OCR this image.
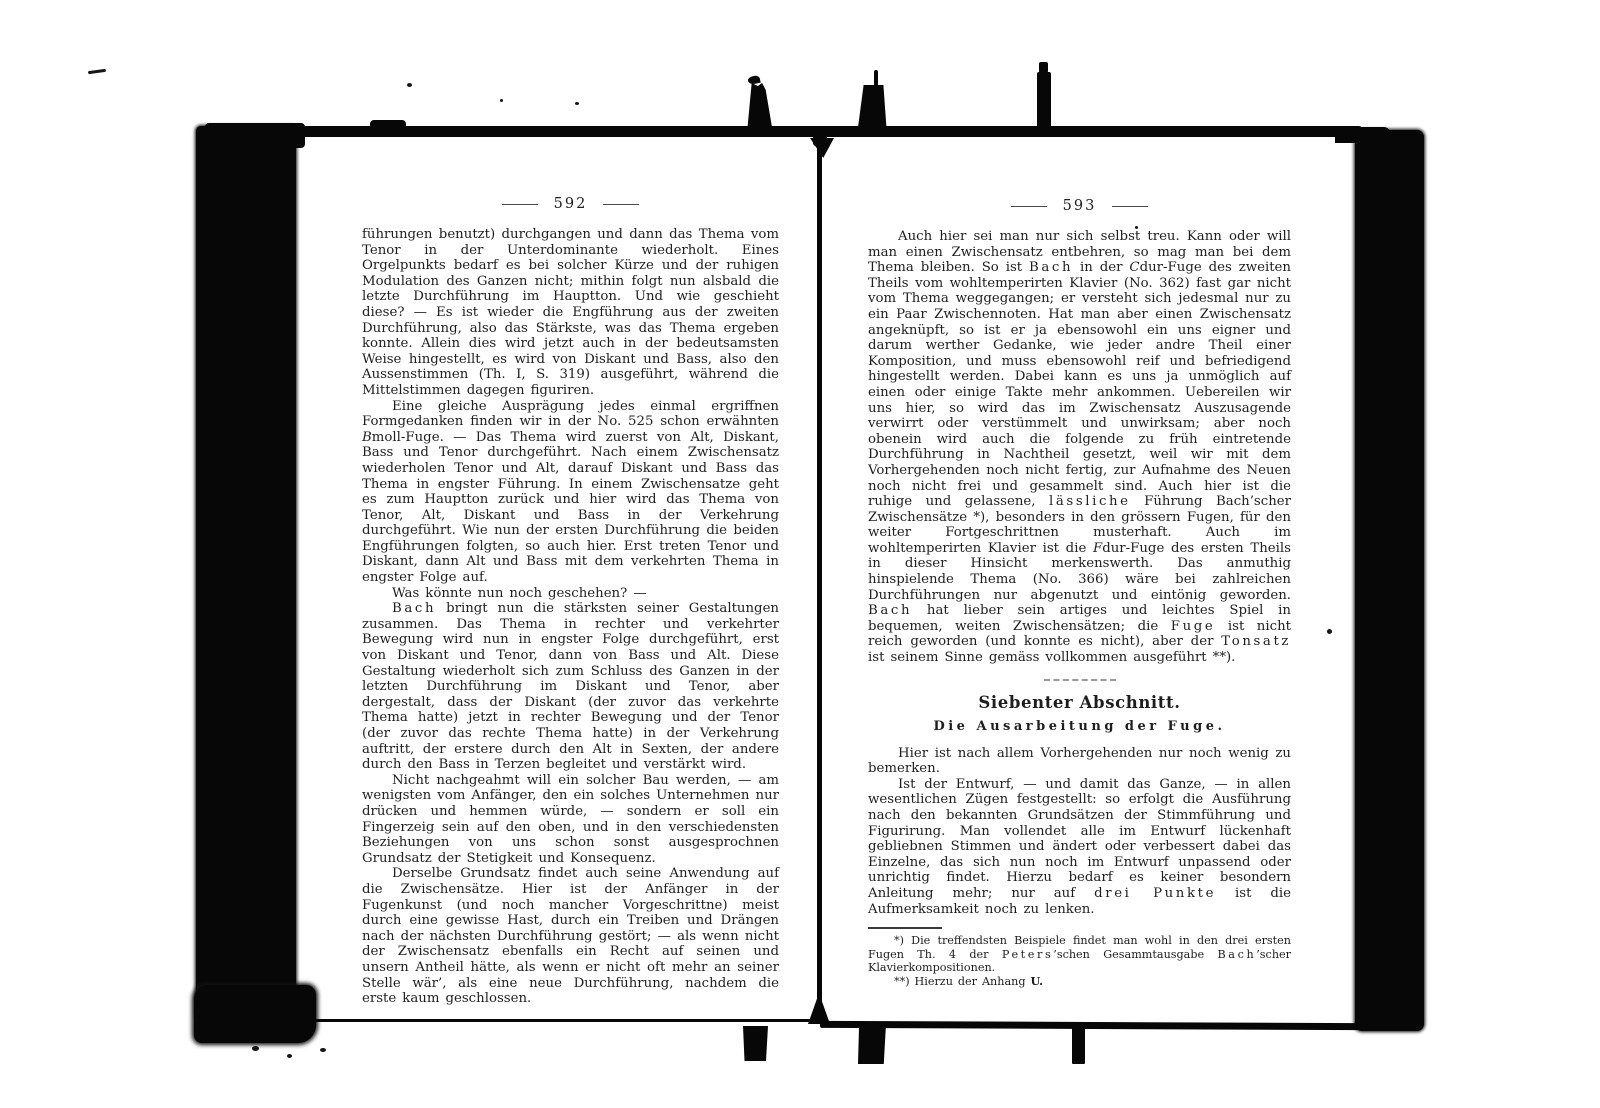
592

führungen benutzt) durchgangen und dann das Thema vom Tenor in der Unterdominante wiederholt. Eines Orgelpunkts bedarf es bei solcher Kürze und der ruhigen Modulation des Ganzen nicht; mithin folgt nun alsbald die letzte Durchführung im Hauptton. Und wie geschieht diese? — Es ist wieder die Engführung aus der zweiten Durchführung, also das Stärkste, was das Thema ergeben konnte. Allein dies wird jetzt auch in der bedeutsamsten Weise hingestellt, es wird von Diskant und Bass, also den Aussenstimmen (Th. I, S. 319) ausgeführt, während die Mittelstimmen dagegen figuriren.

Eine gleiche Ausprägung jedes einmal ergriffnen Formgedanken finden wir in der No. 525 schon erwähnten Bmoll-Fuge. — Das Thema wird zuerst von Alt, Diskant, Bass und Tenor durchgeführt. Nach einem Zwischensatz wiederholen Tenor und Alt, darauf Diskant und Bass das Thema in engster Führung. In einem Zwischensatze geht es zum Hauptton zurück und hier wird das Thema von Tenor, Alt, Diskant und Bass in der Verkehrung durchgeführt. Wie nun der ersten Durchführung die beiden Engführungen folgten, so auch hier. Erst treten Tenor und Diskant, dann Alt und Bass mit dem verkehrten Thema in engster Folge auf.

Was könnte nun noch geschehen? —

Bach bringt nun die stärksten seiner Gestaltungen zusammen. Das Thema in rechter und verkehrter Bewegung wird nun in engster Folge durchgeführt, erst von Diskant und Tenor, dann von Bass und Alt. Diese Gestaltung wiederholt sich zum Schluss des Ganzen in der letzten Durchführung im Diskant und Tenor, aber dergestalt, dass der Diskant (der zuvor das verkehrte Thema hatte) jetzt in rechter Bewegung und der Tenor (der zuvor das rechte Thema hatte) in der Verkehrung auftritt, der erstere durch den Alt in Sexten, der andere durch den Bass in Terzen begleitet und verstärkt wird.

Nicht nachgeahmt will ein solcher Bau werden, — am wenigsten vom Anfänger, den ein solches Unternehmen nur drücken und hemmen würde, — sondern er soll ein Fingerzeig sein auf den oben, und in den verschiedensten Beziehungen von uns schon sonst ausgesprochnen Grundsatz der Stetigkeit und Konsequenz.

Derselbe Grundsatz findet auch seine Anwendung auf die Zwischensätze. Hier ist der Anfänger in der Fugenkunst (und noch mancher Vorgeschrittne) meist durch eine gewisse Hast, durch ein Treiben und Drängen nach der nächsten Durchführung gestört; — als wenn nicht der Zwischensatz ebenfalls ein Recht auf seinen und unsern Antheil hätte, als wenn er nicht oft mehr an seiner Stelle wär’, als eine neue Durchführung, nachdem die erste kaum geschlossen.

593

Auch hier sei man nur sich selbst treu. Kann oder will man einen Zwischensatz entbehren, so mag man bei dem Thema bleiben. So ist Bach in der Cdur-Fuge des zweiten Theils vom wohltemperirten Klavier (No. 362) fast gar nicht vom Thema weggegangen; er versteht sich jedesmal nur zu ein Paar Zwischennoten. Hat man aber einen Zwischensatz angeknüpft, so ist er ja ebensowohl ein uns eigner und darum werther Gedanke, wie jeder andre Theil einer Komposition, und muss ebensowohl reif und befriedigend hingestellt werden. Dabei kann es uns ja unmöglich auf einen oder einige Takte mehr ankommen. Uebereilen wir uns hier, so wird das im Zwischensatz Auszusagende verwirrt oder verstümmelt und unwirksam; aber noch obenein wird auch die folgende zu früh eintretende Durchführung in Nachtheil gesetzt, weil wir mit dem Vorhergehenden noch nicht fertig, zur Aufnahme des Neuen noch nicht frei und gesammelt sind. Auch hier ist die ruhige und gelassene, lässliche Führung Bach’scher Zwischensätze *), besonders in den grössern Fugen, für den weiter Fortgeschrittnen musterhaft. Auch im wohltemperirten Klavier ist die Fdur-Fuge des ersten Theils in dieser Hinsicht merkenswerth. Das anmuthig hinspielende Thema (No. 366) wäre bei zahlreichen Durchführungen nur abgenutzt und eintönig geworden. Bach hat lieber sein artiges und leichtes Spiel in bequemen, weiten Zwischensätzen; die Fuge ist nicht reich geworden (und konnte es nicht), aber der Tonsatz ist seinem Sinne gemäss vollkommen ausgeführt **).

Siebenter Abschnitt.
Die Ausarbeitung der Fuge.

Hier ist nach allem Vorhergehenden nur noch wenig zu bemerken.

Ist der Entwurf, — und damit das Ganze, — in allen wesentlichen Zügen festgestellt: so erfolgt die Ausführung nach den bekannten Grundsätzen der Stimmführung und Figurirung. Man vollendet alle im Entwurf lückenhaft gebliebnen Stimmen und ändert oder verbessert dabei das Einzelne, das sich nun noch im Entwurf unpassend oder unrichtig findet. Hierzu bedarf es keiner besondern Anleitung mehr; nur auf drei Punkte ist die Aufmerksamkeit noch zu lenken.

*) Die treffendsten Beispiele findet man wohl in den drei ersten Fugen Th. 4 der Peters’schen Gesammtausgabe Bach’scher Klavierkompositionen.

**) Hierzu der Anhang U.
